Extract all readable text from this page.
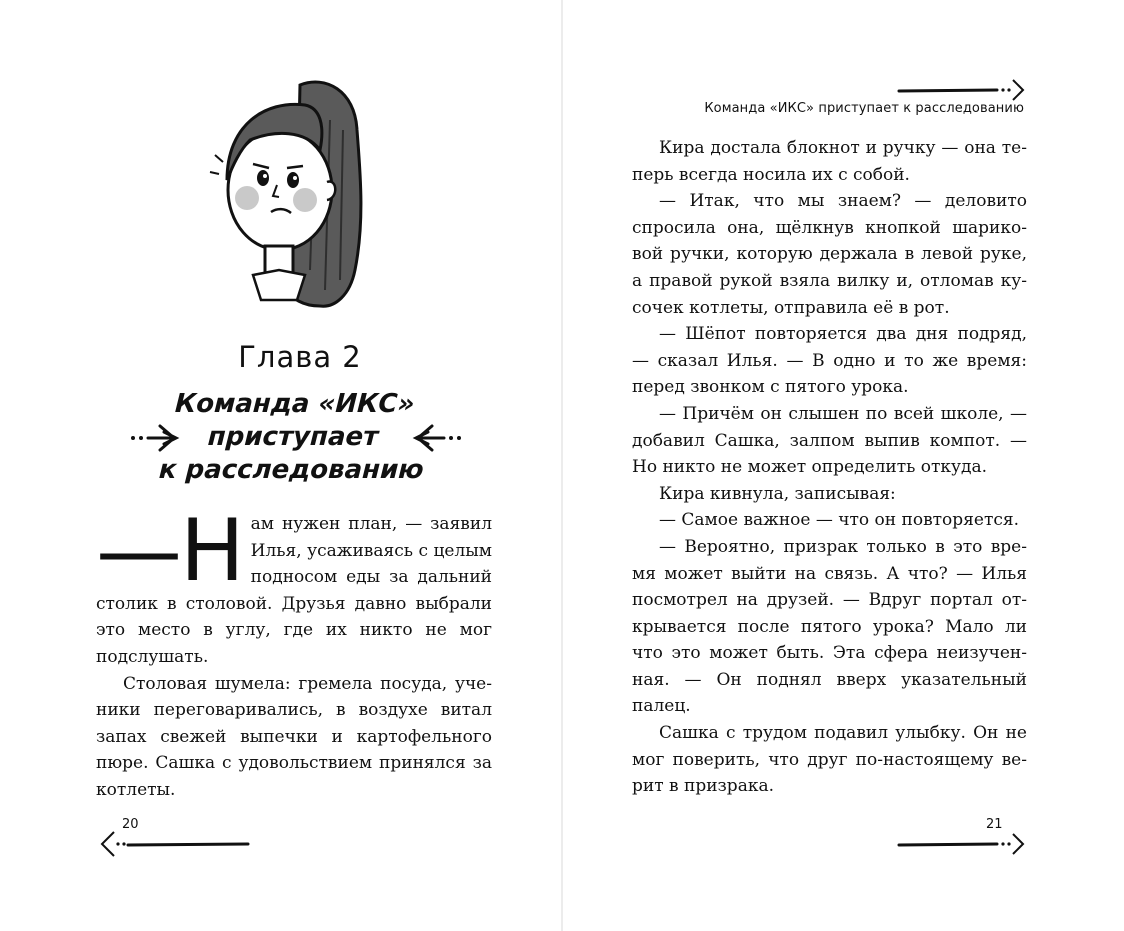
Глава 2
Команда «ИКС»
приступает
к расследованию

—Н ам нужен план, — заявил Илья, усаживаясь с целым подносом еды за дальний столик в столовой. Друзья давно выбрали это место в углу, где их никто не мог подслушать.

Столовая шумела: гремела посуда, ученики переговаривались, в воздухе витал запах свежей выпечки и картофельного пюре. Сашка с удовольствием принялся за котлеты.

20
Команда «ИКС» приступает к расследованию

Кира достала блокнот и ручку — она теперь всегда носила их с собой.

— Итак, что мы знаем? — деловито спросила она, щёлкнув кнопкой шариковой ручки, которую держала в левой руке, а правой рукой взяла вилку и, отломав кусочек котлеты, отправила её в рот.

— Шёпот повторяется два дня подряд, — сказал Илья. — В одно и то же время: перед звонком с пятого урока.

— Причём он слышен по всей школе, — добавил Сашка, залпом выпив компот. — Но никто не может определить откуда.

Кира кивнула, записывая:

— Самое важное — что он повторяется.

— Вероятно, призрак только в это время может выйти на связь. А что? — Илья посмотрел на друзей. — Вдруг портал открывается после пятого урока? Мало ли что это может быть. Эта сфера неизученная. — Он поднял вверх указательный палец.

Сашка с трудом подавил улыбку. Он не мог поверить, что друг по-настоящему верит в призрака.

21
